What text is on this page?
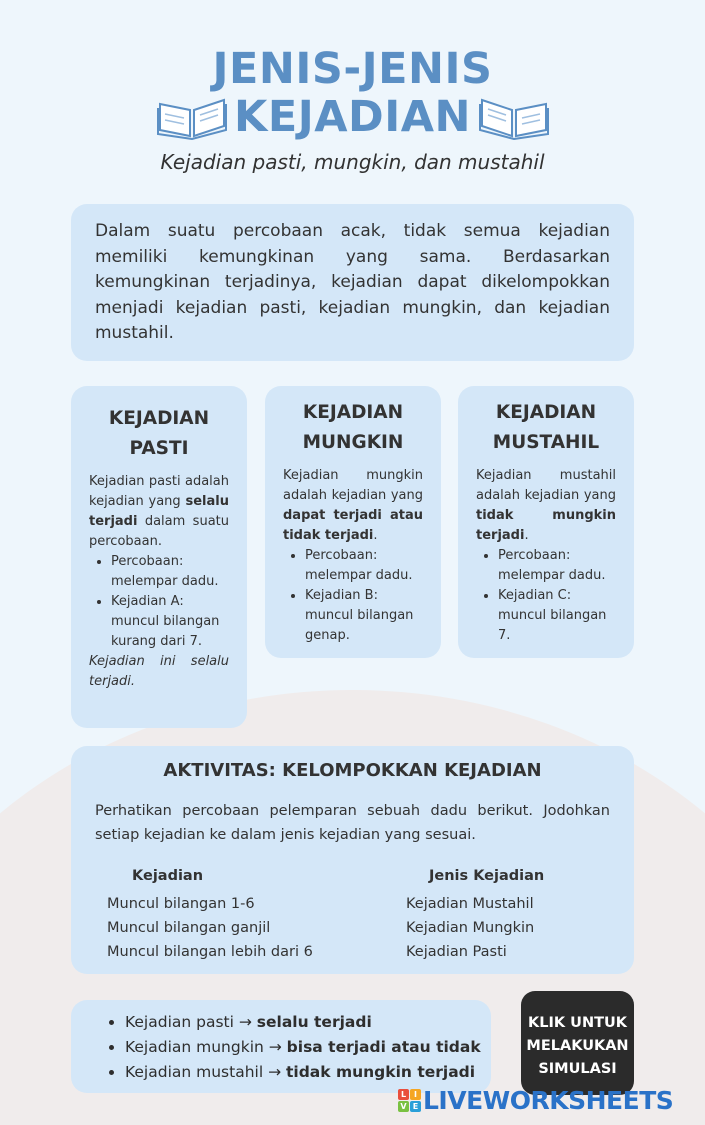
JENIS-JENIS
KEJADIAN
Kejadian pasti, mungkin, dan mustahil
Dalam suatu percobaan acak, tidak semua kejadian memiliki kemungkinan yang sama. Berdasarkan kemungkinan terjadinya, kejadian dapat dikelompokkan menjadi kejadian pasti, kejadian mungkin, dan kejadian mustahil.
KEJADIAN
PASTI

Kejadian pasti adalah kejadian yang selalu terjadi dalam suatu percobaan.

• Percobaan: melempar dadu.
• Kejadian A: muncul bilangan kurang dari 7.

Kejadian ini selalu terjadi.

KEJADIAN
MUNGKIN

Kejadian mungkin adalah kejadian yang dapat terjadi atau tidak terjadi.

• Percobaan: melempar dadu.
• Kejadian B: muncul bilangan genap.
KEJADIAN
MUSTAHIL

Kejadian mustahil adalah kejadian yang tidak mungkin terjadi.

• Percobaan: melempar dadu.
• Kejadian C: muncul bilangan 7.
AKTIVITAS: KELOMPOKKAN KEJADIAN

Perhatikan percobaan pelemparan sebuah dadu berikut. Jodohkan setiap kejadian ke dalam jenis kejadian yang sesuai.

Kejadian
Muncul bilangan 1-6
Muncul bilangan ganjil
Muncul bilangan lebih dari 6
Jenis Kejadian
Kejadian Mustahil
Kejadian Mungkin
Kejadian Pasti
• Kejadian pasti → selalu terjadi
• Kejadian mungkin → bisa terjadi atau tidak
• Kejadian mustahil → tidak mungkin terjadi
KLIK UNTUK
MELAKUKAN
SIMULASI
L I
V E LIVEWORKSHEETS
